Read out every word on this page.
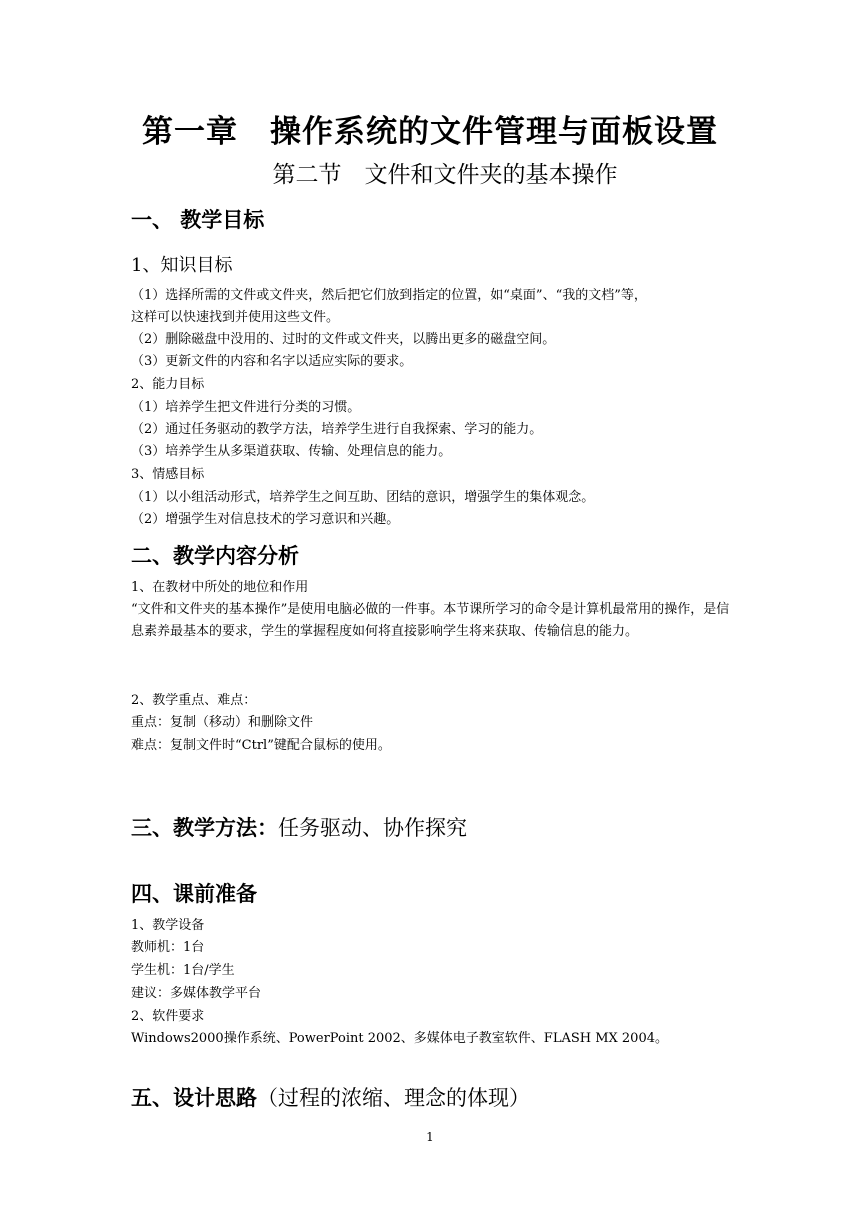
第一章　操作系统的文件管理与面板设置
第二节　文件和文件夹的基本操作
一、 教学目标
1、知识目标
（1）选择所需的文件或文件夹，然后把它们放到指定的位置，如“桌面”、“我的文档”等，
这样可以快速找到并使用这些文件。
（2）删除磁盘中没用的、过时的文件或文件夹，以腾出更多的磁盘空间。
（3）更新文件的内容和名字以适应实际的要求。
2、能力目标
（1）培养学生把文件进行分类的习惯。
（2）通过任务驱动的教学方法，培养学生进行自我探索、学习的能力。
（3）培养学生从多渠道获取、传输、处理信息的能力。
3、情感目标
（1）以小组活动形式，培养学生之间互助、团结的意识，增强学生的集体观念。
（2）增强学生对信息技术的学习意识和兴趣。
二、教学内容分析
1、在教材中所处的地位和作用
“文件和文件夹的基本操作”是使用电脑必做的一件事。本节课所学习的命令是计算机最常用的操作，是信息素养最基本的要求，学生的掌握程度如何将直接影响学生将来获取、传输信息的能力。
2、教学重点、难点：
重点：复制（移动）和删除文件
难点：复制文件时“Ctrl”键配合鼠标的使用。
三、教学方法：任务驱动、协作探究
四、课前准备
1、教学设备
教师机：1台
学生机：1台/学生
建议：多媒体教学平台
2、软件要求
Windows2000操作系统、PowerPoint 2002、多媒体电子教室软件、FLASH MX 2004。
五、设计思路（过程的浓缩、理念的体现）
1
